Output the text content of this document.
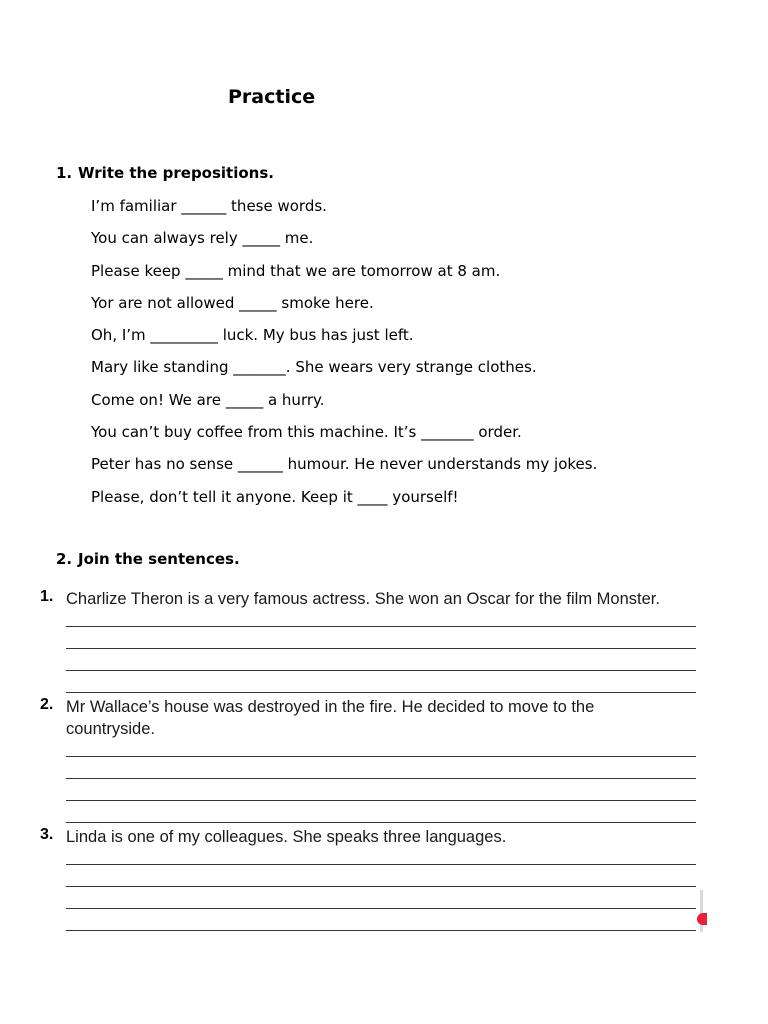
Practice
1. Write the prepositions.
I’m familiar ______ these words.
You can always rely _____ me.
Please keep _____ mind that we are tomorrow at 8 am.
Yor are not allowed _____ smoke here.
Oh, I’m _________ luck. My bus has just left.
Mary like standing _______. She wears very strange clothes.
Come on! We are _____ a hurry.
You can’t buy coffee from this machine. It’s _______ order.
Peter has no sense ______ humour. He never understands my jokes.
Please, don’t tell it anyone. Keep it ____ yourself!
2. Join the sentences.
1. Charlize Theron is a very famous actress. She won an Oscar for the film Monster.
2. Mr Wallace’s house was destroyed in the fire. He decided to move to the countryside.
3. Linda is one of my colleagues. She speaks three languages.
